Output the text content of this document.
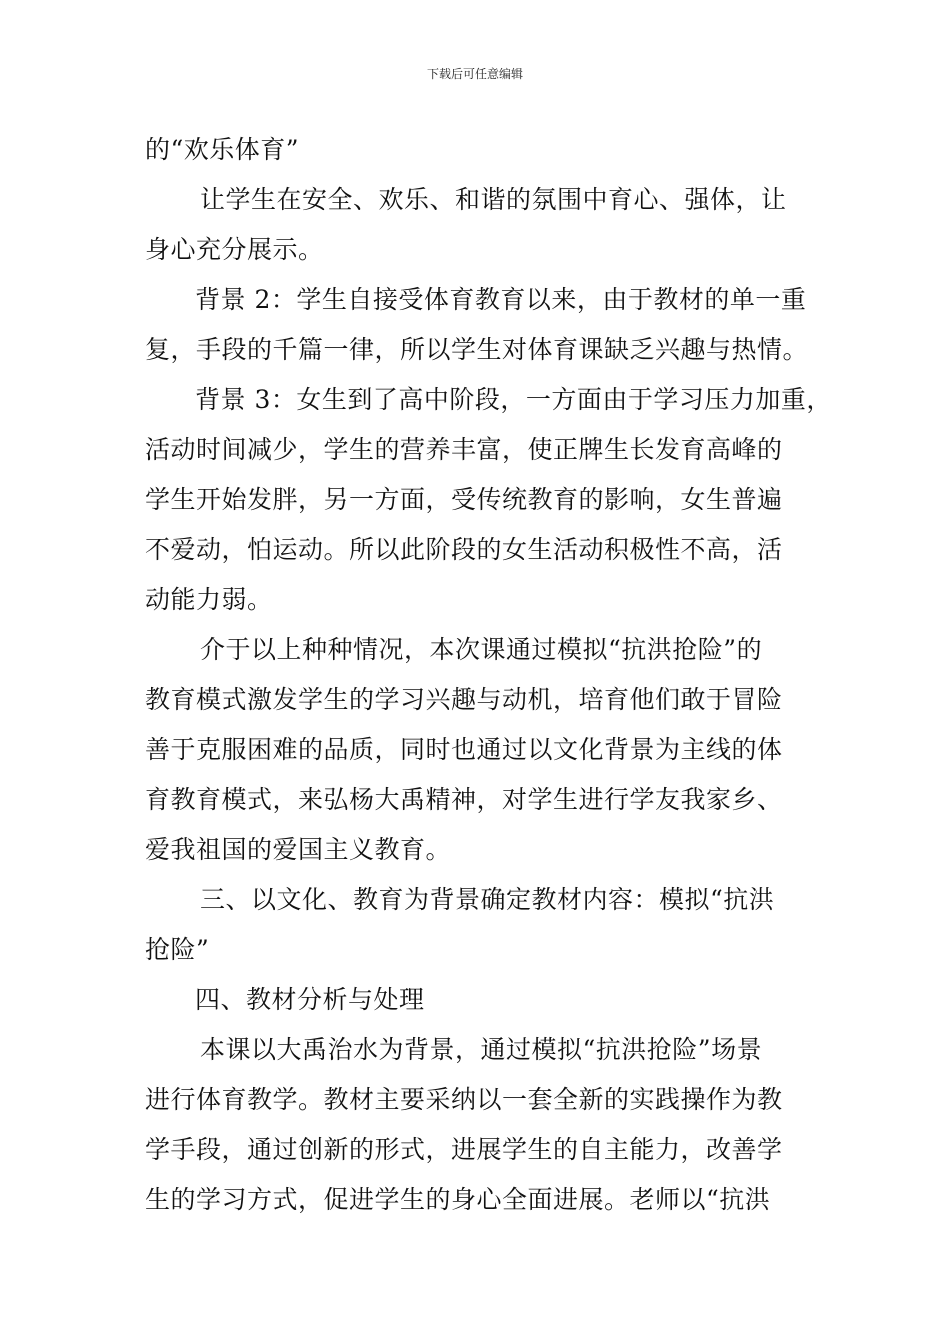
下载后可任意编辑
的“欢乐体育”
让学生在安全、欢乐、和谐的氛围中育心、强体，让
身心充分展示。
背景 2：学生自接受体育教育以来，由于教材的单一重
复，手段的千篇一律，所以学生对体育课缺乏兴趣与热情。
背景 3：女生到了高中阶段，一方面由于学习压力加重，
活动时间减少，学生的营养丰富，使正牌生长发育高峰的
学生开始发胖，另一方面，受传统教育的影响，女生普遍
不爱动，怕运动。所以此阶段的女生活动积极性不高，活
动能力弱。
介于以上种种情况，本次课通过模拟“抗洪抢险”的
教育模式激发学生的学习兴趣与动机，培育他们敢于冒险
善于克服困难的品质，同时也通过以文化背景为主线的体
育教育模式，来弘杨大禹精神，对学生进行学友我家乡、
爱我祖国的爱国主义教育。
三、以文化、教育为背景确定教材内容：模拟“抗洪
抢险”
四、教材分析与处理
本课以大禹治水为背景，通过模拟“抗洪抢险”场景
进行体育教学。教材主要采纳以一套全新的实践操作为教
学手段，通过创新的形式，进展学生的自主能力，改善学
生的学习方式，促进学生的身心全面进展。老师以“抗洪
